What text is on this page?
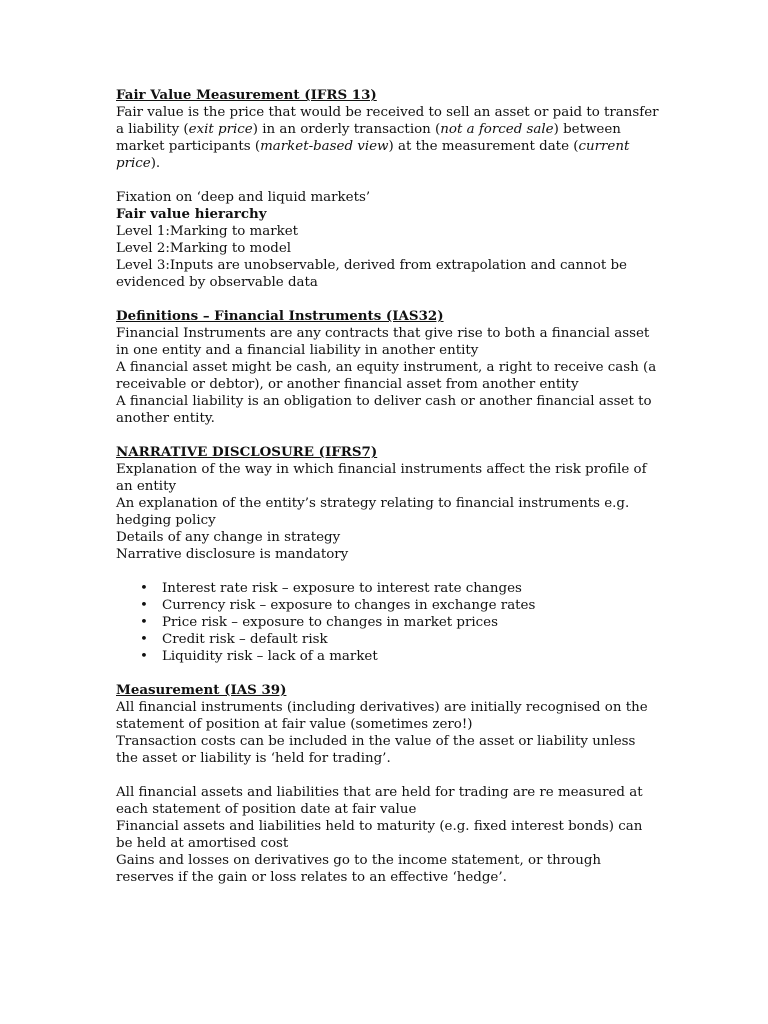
Fair Value Measurement (IFRS 13)

Fair value is the price that would be received to sell an asset or paid to transfer a liability (exit price) in an orderly transaction (not a forced sale) between market participants (market-based view) at the measurement date (current price).

Fixation on ‘deep and liquid markets’

Fair value hierarchy

Level 1:Marking to market

Level 2:Marking to model

Level 3:Inputs are unobservable, derived from extrapolation and cannot be evidenced by observable data

Definitions – Financial Instruments (IAS32)

Financial Instruments are any contracts that give rise to both a financial asset in one entity and a financial liability in another entity

A financial asset might be cash, an equity instrument, a right to receive cash (a receivable or debtor), or another financial asset from another entity

A financial liability is an obligation to deliver cash or another financial asset to another entity.

NARRATIVE DISCLOSURE (IFRS7)

Explanation of the way in which financial instruments affect the risk profile of an entity

An explanation of the entity’s strategy relating to financial instruments e.g. hedging policy

Details of any change in strategy

Narrative disclosure is mandatory

• Interest rate risk – exposure to interest rate changes
• Currency risk – exposure to changes in exchange rates
• Price risk – exposure to changes in market prices
• Credit risk – default risk
• Liquidity risk – lack of a market

Measurement (IAS 39)

All financial instruments (including derivatives) are initially recognised on the statement of position at fair value (sometimes zero!)

Transaction costs can be included in the value of the asset or liability unless the asset or liability is ‘held for trading’.

All financial assets and liabilities that are held for trading are re measured at each statement of position date at fair value

Financial assets and liabilities held to maturity (e.g. fixed interest bonds) can be held at amortised cost

Gains and losses on derivatives go to the income statement, or through reserves if the gain or loss relates to an effective ‘hedge’.
